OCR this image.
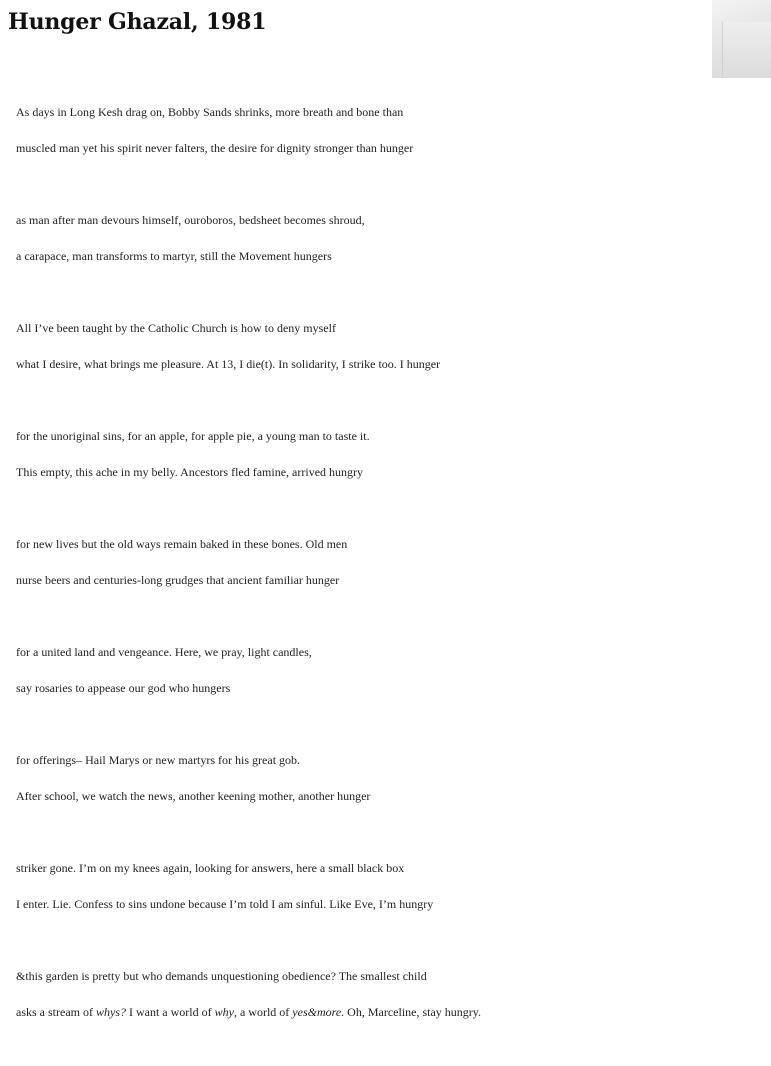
Hunger Ghazal, 1981

As days in Long Kesh drag on, Bobby Sands shrinks, more breath and bone than
muscled man yet his spirit never falters, the desire for dignity stronger than hunger

as man after man devours himself, ouroboros, bedsheet becomes shroud,
a carapace, man transforms to martyr, still the Movement hungers

All I’ve been taught by the Catholic Church is how to deny myself
what I desire, what brings me pleasure. At 13, I die(t). In solidarity, I strike too. I hunger

for the unoriginal sins, for an apple, for apple pie, a young man to taste it.
This empty, this ache in my belly. Ancestors fled famine, arrived hungry

for new lives but the old ways remain baked in these bones. Old men
nurse beers and centuries-long grudges that ancient familiar hunger

for a united land and vengeance. Here, we pray, light candles,
say rosaries to appease our god who hungers

for offerings– Hail Marys or new martyrs for his great gob.
After school, we watch the news, another keening mother, another hunger

striker gone. I’m on my knees again, looking for answers, here a small black box
I enter. Lie. Confess to sins undone because I’m told I am sinful. Like Eve, I’m hungry

&this garden is pretty but who demands unquestioning obedience? The smallest child
asks a stream of whys? I want a world of why, a world of yes&more. Oh, Marceline, stay hungry.
